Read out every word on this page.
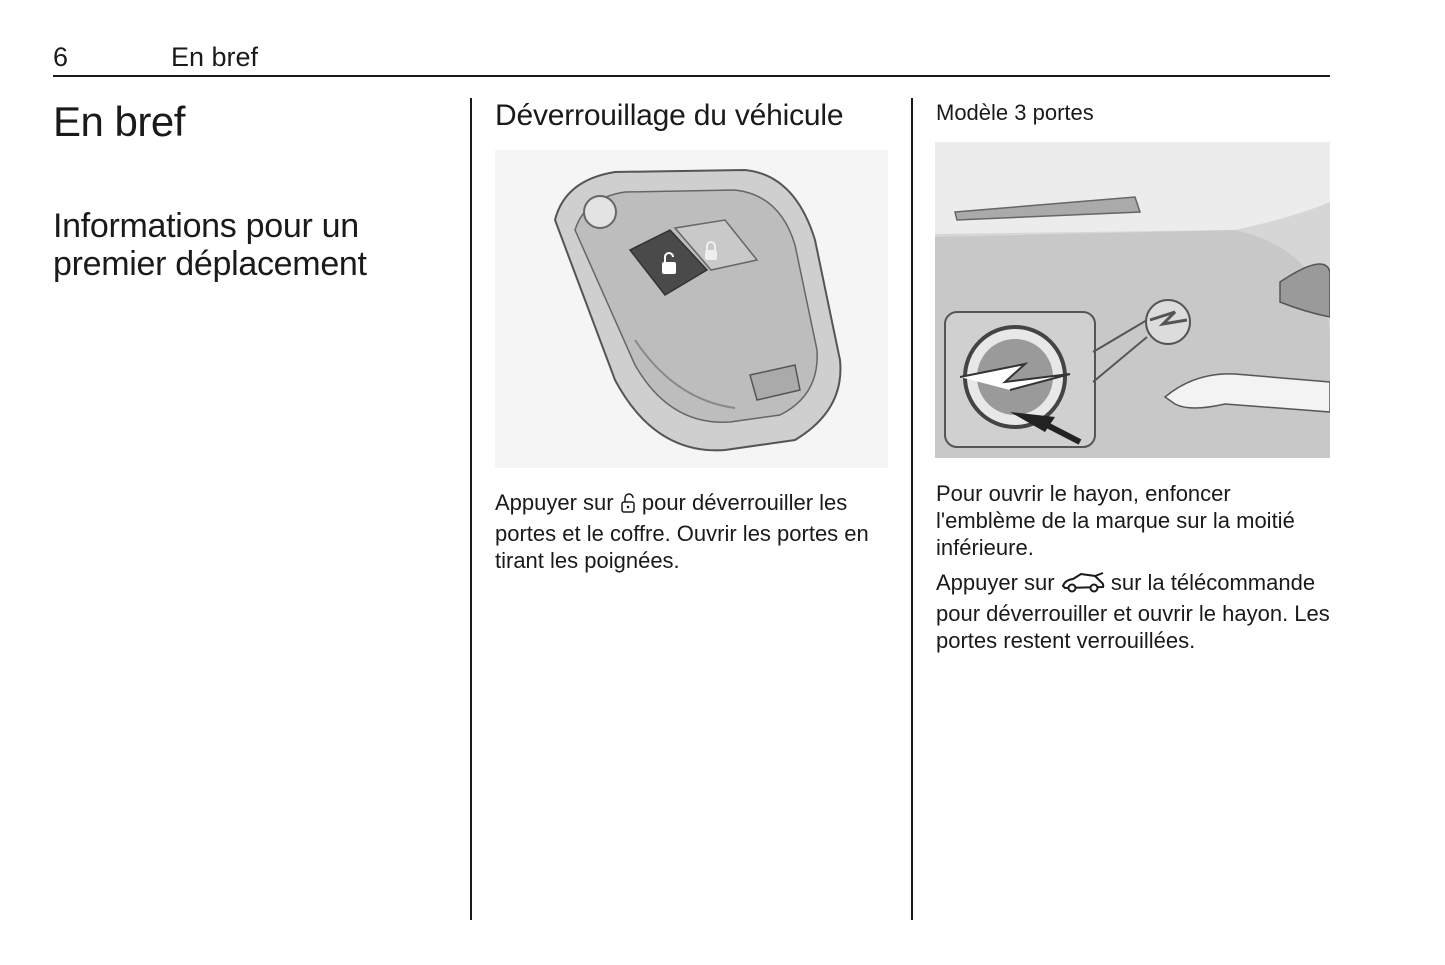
6	En bref
En bref
Informations pour un premier déplacement
Déverrouillage du véhicule
Appuyer sur  pour déverrouiller les portes et le coffre. Ouvrir les portes en tirant les poignées.
Modèle 3 portes
Pour ouvrir le hayon, enfoncer l'emblème de la marque sur la moitié inférieure.
Appuyer sur  sur la télécommande pour déverrouiller et ouvrir le hayon. Les portes restent verrouillées.
